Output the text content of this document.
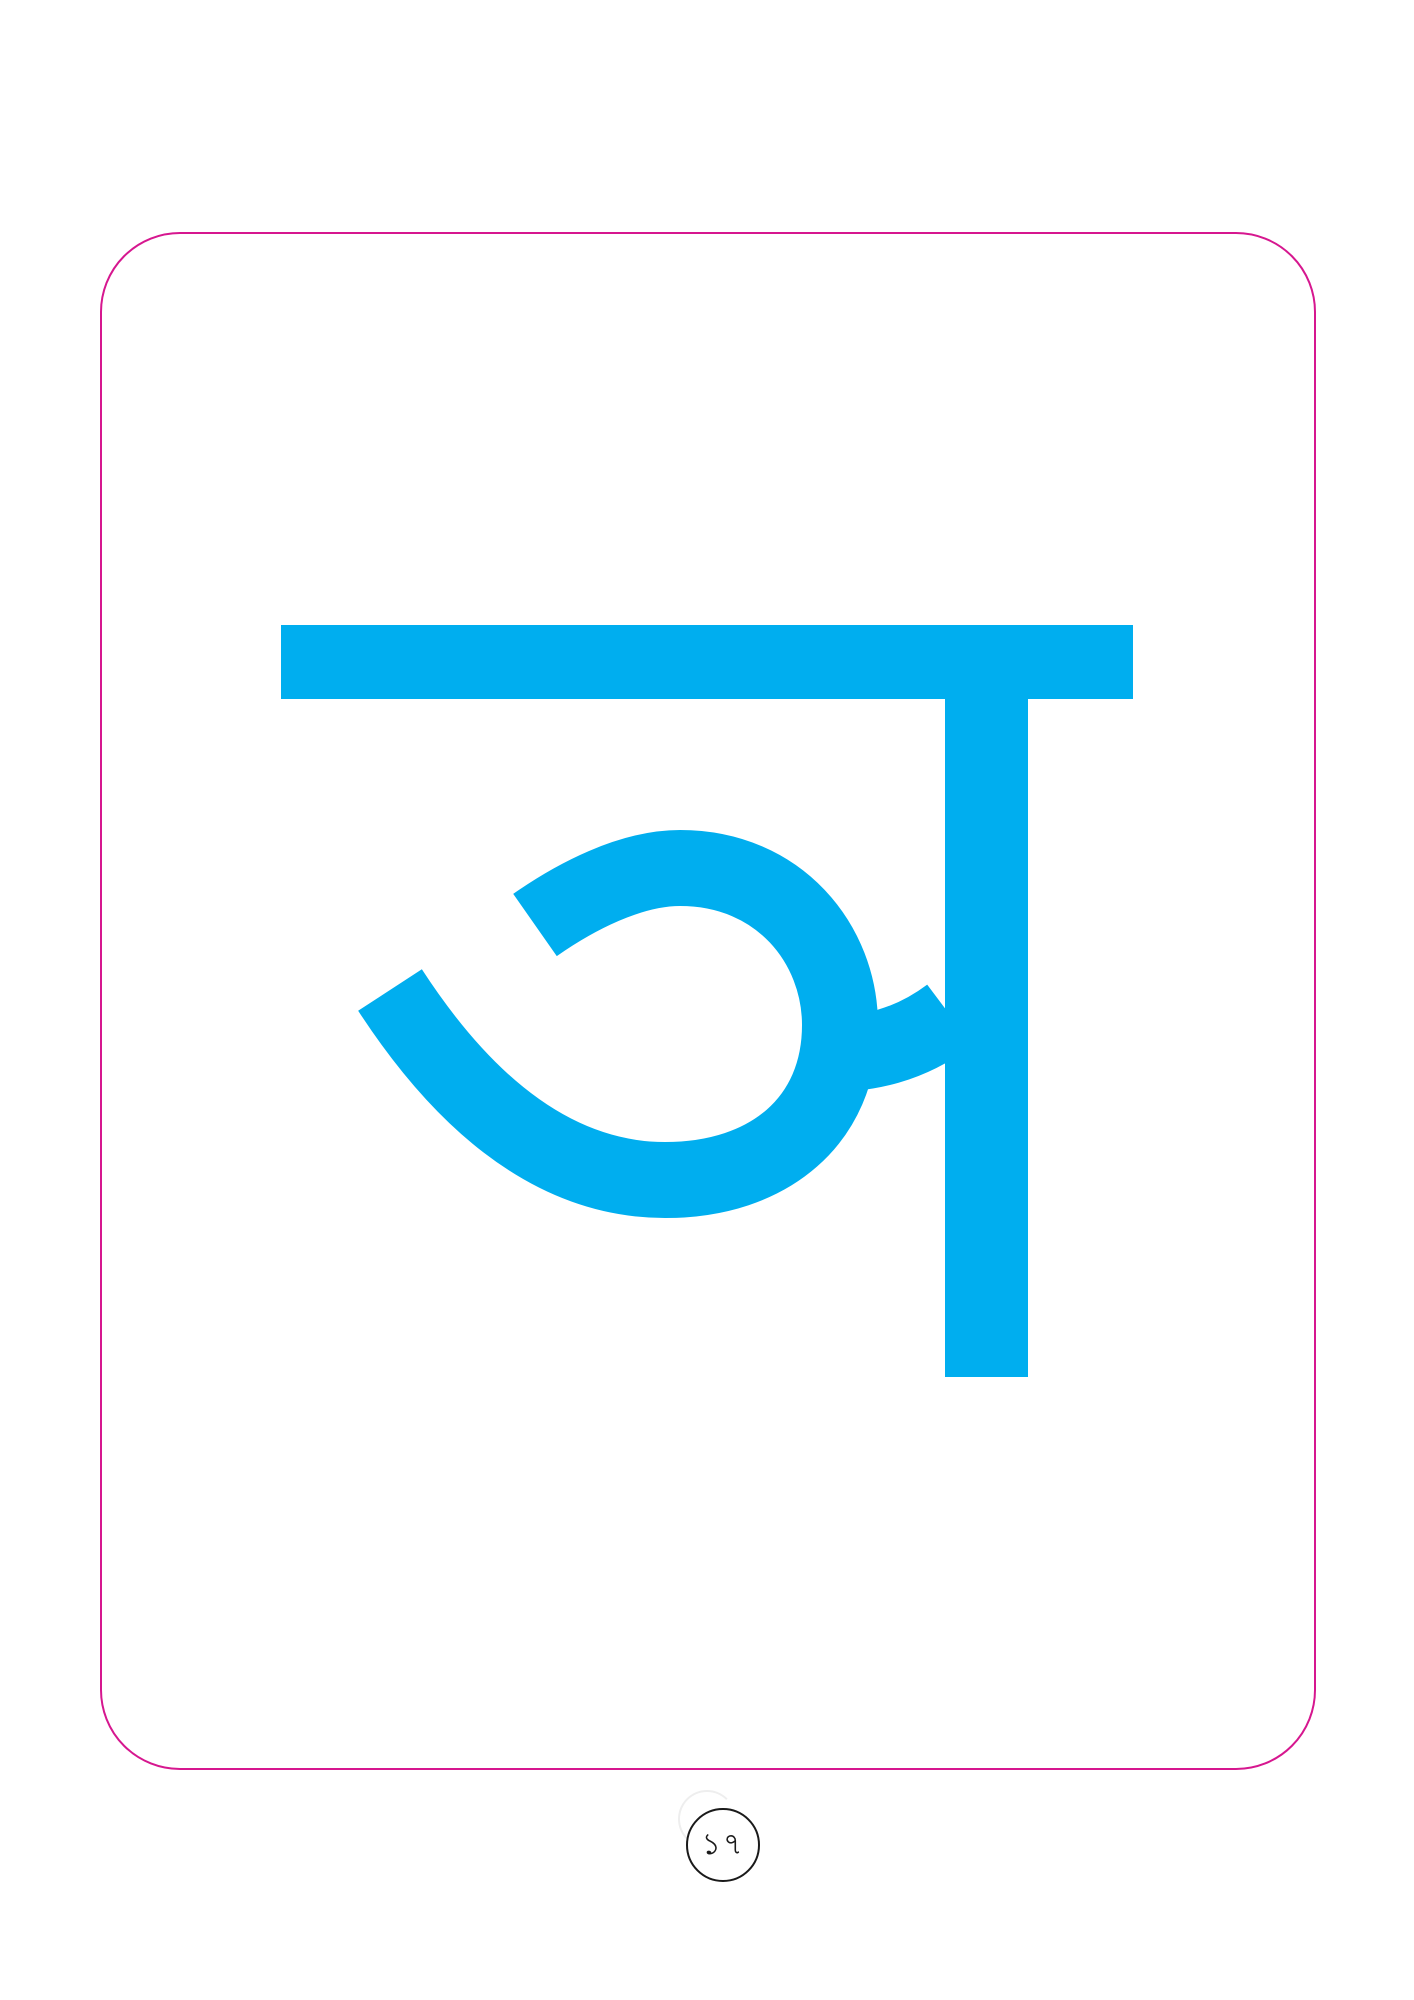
১৭
